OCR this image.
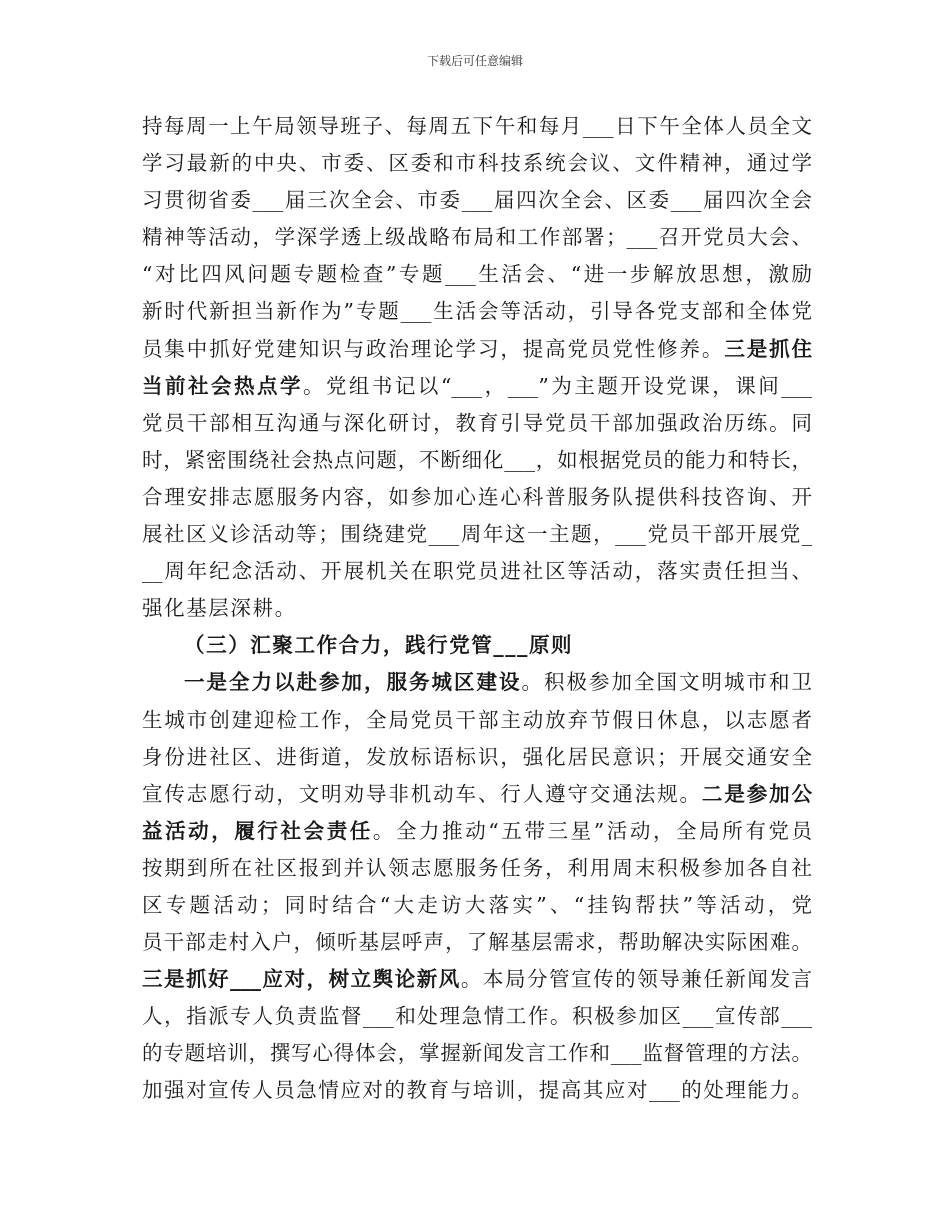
下载后可任意编辑
持每周一上午局领导班子、每周五下午和每月___日下午全体人员全文
学习最新的中央、市委、区委和市科技系统会议、文件精神，通过学
习贯彻省委___届三次全会、市委___届四次全会、区委___届四次全会
精神等活动，学深学透上级战略布局和工作部署；___召开党员大会、
“对比四风问题专题检查”专题___生活会、“进一步解放思想，激励
新时代新担当新作为”专题___生活会等活动，引导各党支部和全体党
员集中抓好党建知识与政治理论学习，提高党员党性修养。三是抓住
当前社会热点学。党组书记以“___，___”为主题开设党课，课间___
党员干部相互沟通与深化研讨，教育引导党员干部加强政治历练。同
时，紧密围绕社会热点问题，不断细化___，如根据党员的能力和特长，
合理安排志愿服务内容，如参加心连心科普服务队提供科技咨询、开
展社区义诊活动等；围绕建党___周年这一主题，___党员干部开展党_
__周年纪念活动、开展机关在职党员进社区等活动，落实责任担当、
强化基层深耕。
（三）汇聚工作合力，践行党管___原则
一是全力以赴参加，服务城区建设。积极参加全国文明城市和卫
生城市创建迎检工作，全局党员干部主动放弃节假日休息，以志愿者
身份进社区、进街道，发放标语标识，强化居民意识；开展交通安全
宣传志愿行动，文明劝导非机动车、行人遵守交通法规。二是参加公
益活动，履行社会责任。全力推动“五带三星”活动，全局所有党员
按期到所在社区报到并认领志愿服务任务，利用周末积极参加各自社
区专题活动；同时结合“大走访大落实”、“挂钩帮扶”等活动，党
员干部走村入户，倾听基层呼声，了解基层需求，帮助解决实际困难。
三是抓好___应对，树立舆论新风。本局分管宣传的领导兼任新闻发言
人，指派专人负责监督___和处理急情工作。积极参加区___宣传部___
的专题培训，撰写心得体会，掌握新闻发言工作和___监督管理的方法。
加强对宣传人员急情应对的教育与培训，提高其应对___的处理能力。
